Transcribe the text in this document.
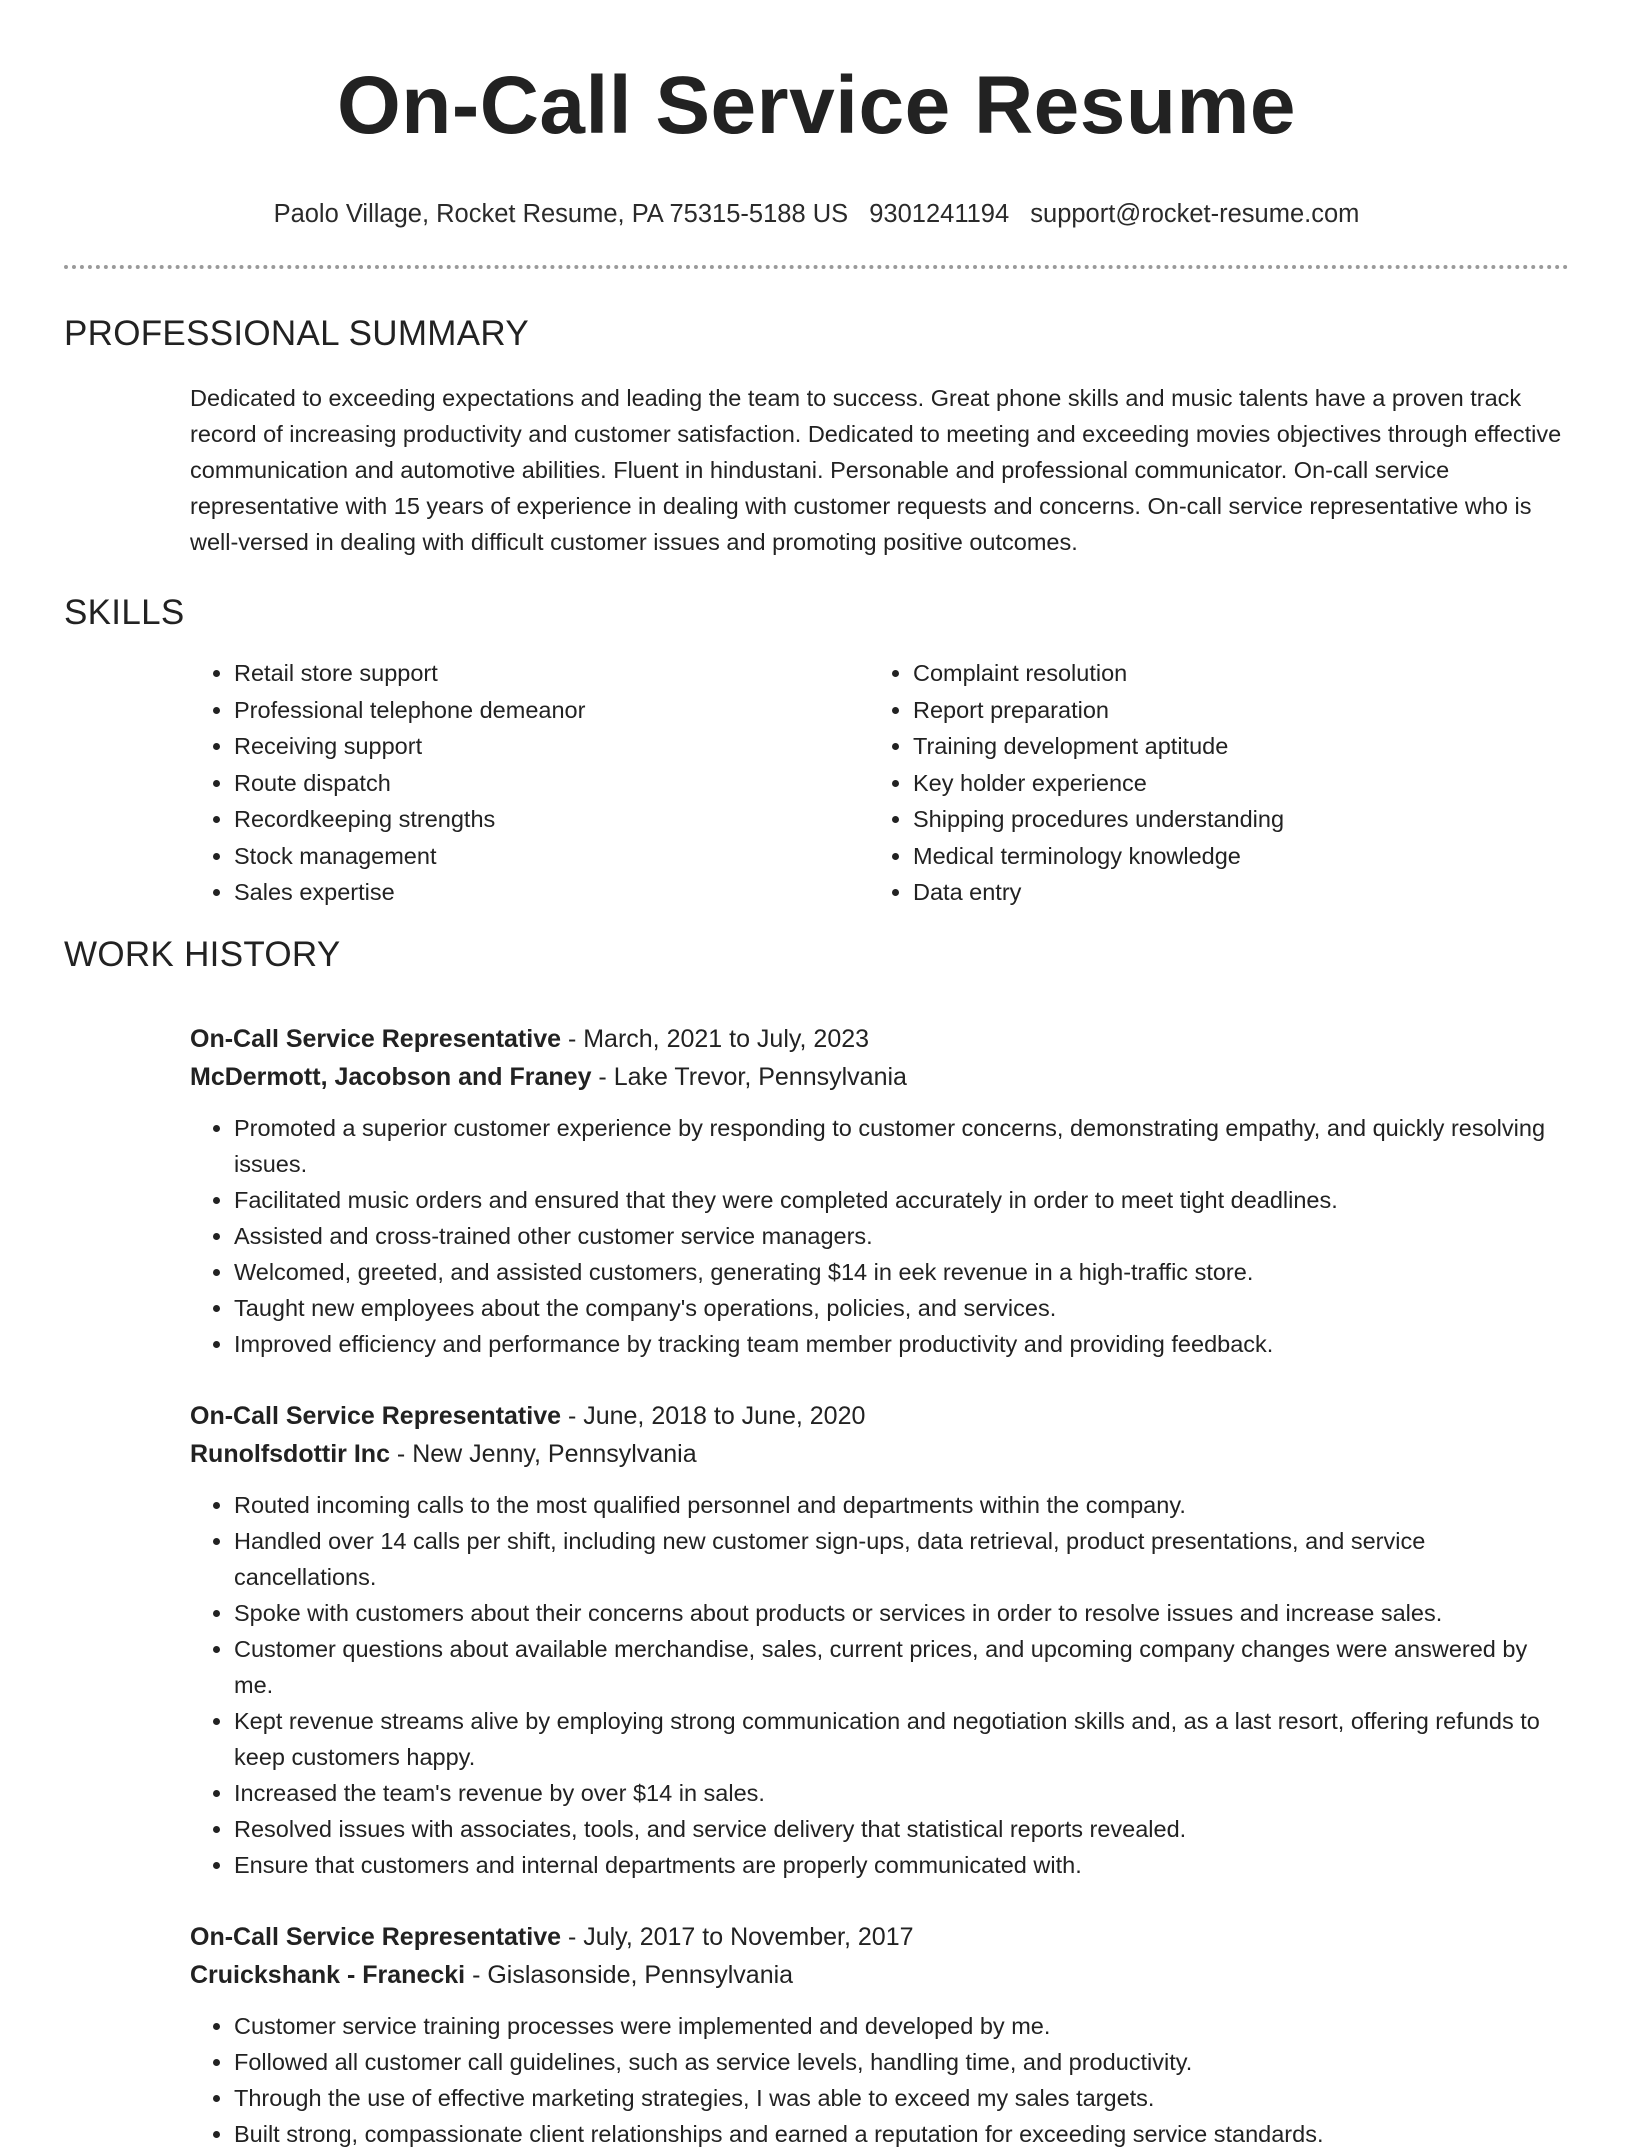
On-Call Service Resume
Paolo Village, Rocket Resume, PA 75315-5188 US 9301241194 support@rocket-resume.com
PROFESSIONAL SUMMARY

Dedicated to exceeding expectations and leading the team to success. Great phone skills and music talents have a proven track record of increasing productivity and customer satisfaction. Dedicated to meeting and exceeding movies objectives through effective communication and automotive abilities. Fluent in hindustani. Personable and professional communicator. On-call service representative with 15 years of experience in dealing with customer requests and concerns. On-call service representative who is well-versed in dealing with difficult customer issues and promoting positive outcomes.

SKILLS
• Retail store support
• Professional telephone demeanor
• Receiving support
• Route dispatch
• Recordkeeping strengths
• Stock management
• Sales expertise
• Complaint resolution
• Report preparation
• Training development aptitude
• Key holder experience
• Shipping procedures understanding
• Medical terminology knowledge
• Data entry
WORK HISTORY
On-Call Service Representative - March, 2021 to July, 2023
McDermott, Jacobson and Franey - Lake Trevor, Pennsylvania
• Promoted a superior customer experience by responding to customer concerns, demonstrating empathy, and quickly resolving issues.
• Facilitated music orders and ensured that they were completed accurately in order to meet tight deadlines.
• Assisted and cross-trained other customer service managers.
• Welcomed, greeted, and assisted customers, generating $14 in eek revenue in a high-traffic store.
• Taught new employees about the company's operations, policies, and services.
• Improved efficiency and performance by tracking team member productivity and providing feedback.
On-Call Service Representative - June, 2018 to June, 2020
Runolfsdottir Inc - New Jenny, Pennsylvania
• Routed incoming calls to the most qualified personnel and departments within the company.
• Handled over 14 calls per shift, including new customer sign-ups, data retrieval, product presentations, and service cancellations.
• Spoke with customers about their concerns about products or services in order to resolve issues and increase sales.
• Customer questions about available merchandise, sales, current prices, and upcoming company changes were answered by me.
• Kept revenue streams alive by employing strong communication and negotiation skills and, as a last resort, offering refunds to keep customers happy.
• Increased the team's revenue by over $14 in sales.
• Resolved issues with associates, tools, and service delivery that statistical reports revealed.
• Ensure that customers and internal departments are properly communicated with.
On-Call Service Representative - July, 2017 to November, 2017
Cruickshank - Franecki - Gislasonside, Pennsylvania
• Customer service training processes were implemented and developed by me.
• Followed all customer call guidelines, such as service levels, handling time, and productivity.
• Through the use of effective marketing strategies, I was able to exceed my sales targets.
• Built strong, compassionate client relationships and earned a reputation for exceeding service standards.
